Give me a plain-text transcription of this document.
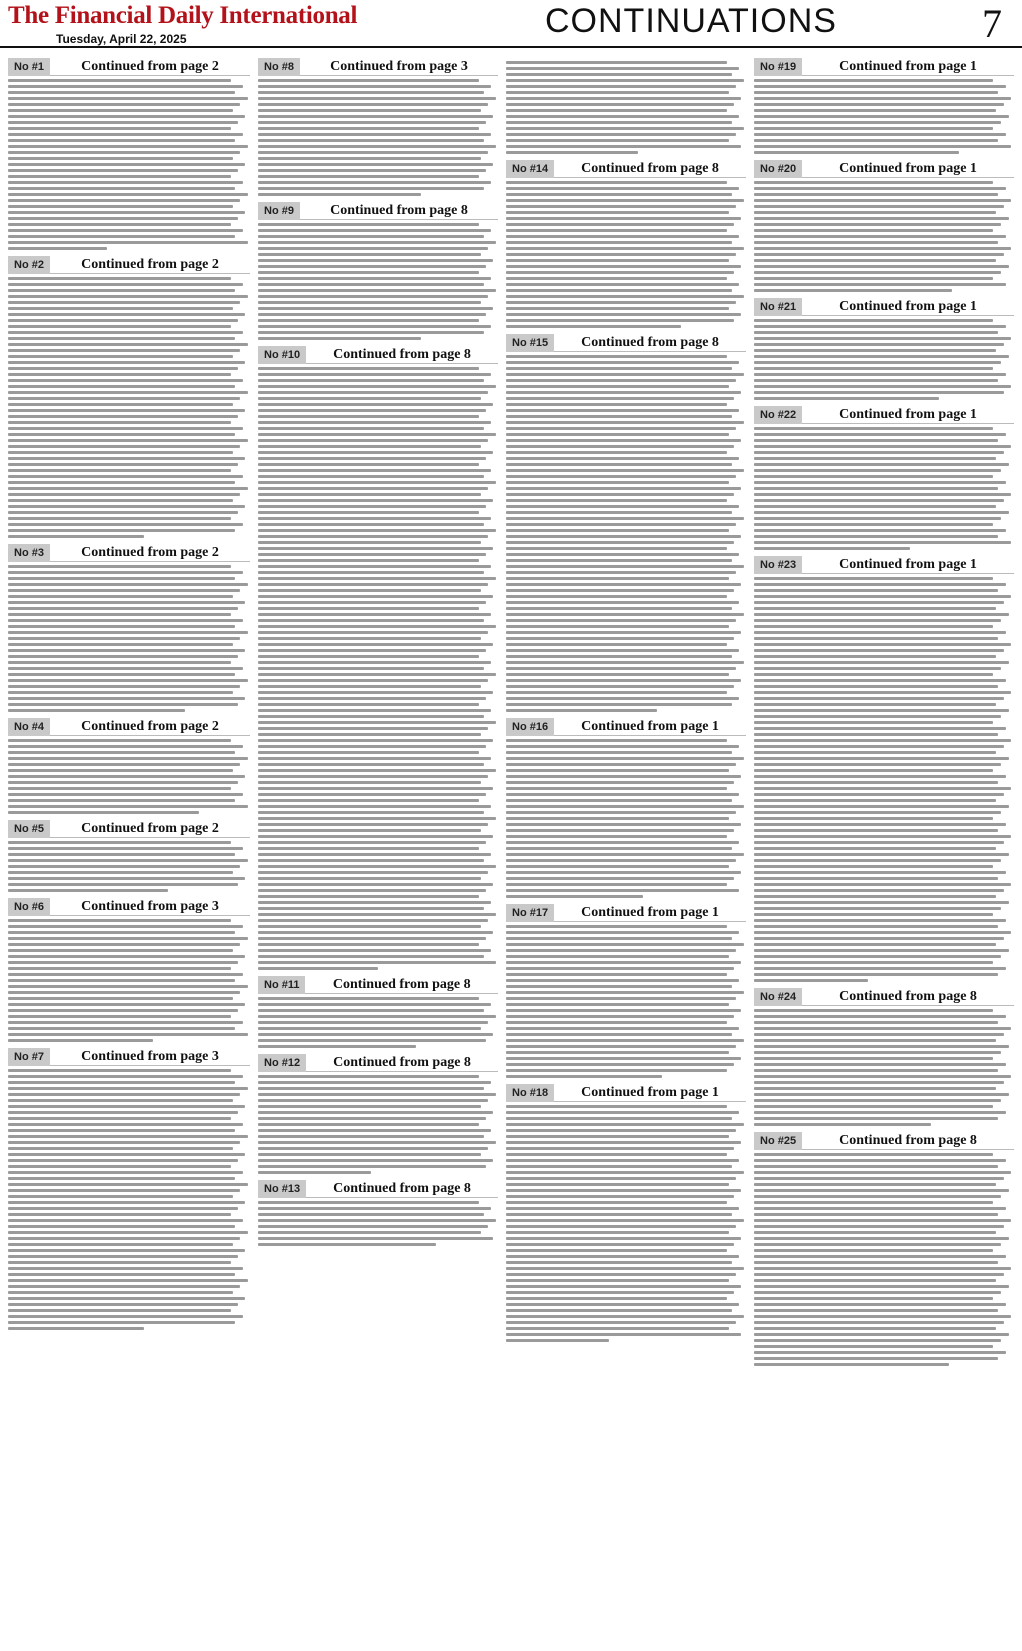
The Financial Daily International
Tuesday, April 22, 2025	CONTINUATIONS	7
No #1	Continued from page 2
No #2	Continued from page 2
No #3	Continued from page 2
No #4	Continued from page 2
No #5	Continued from page 2
No #6	Continued from page 3
No #7	Continued from page 3
No #8	Continued from page 3
No #9	Continued from page 8
No #10	Continued from page 8
No #11	Continued from page 8
No #12	Continued from page 8
No #13	Continued from page 8
No #14	Continued from page 8
No #15	Continued from page 8
No #16	Continued from page 1
No #17	Continued from page 1
No #18	Continued from page 1
No #19	Continued from page 1
No #20	Continued from page 1
No #21	Continued from page 1
No #22	Continued from page 1
No #23	Continued from page 1
No #24	Continued from page 8
No #25	Continued from page 8
